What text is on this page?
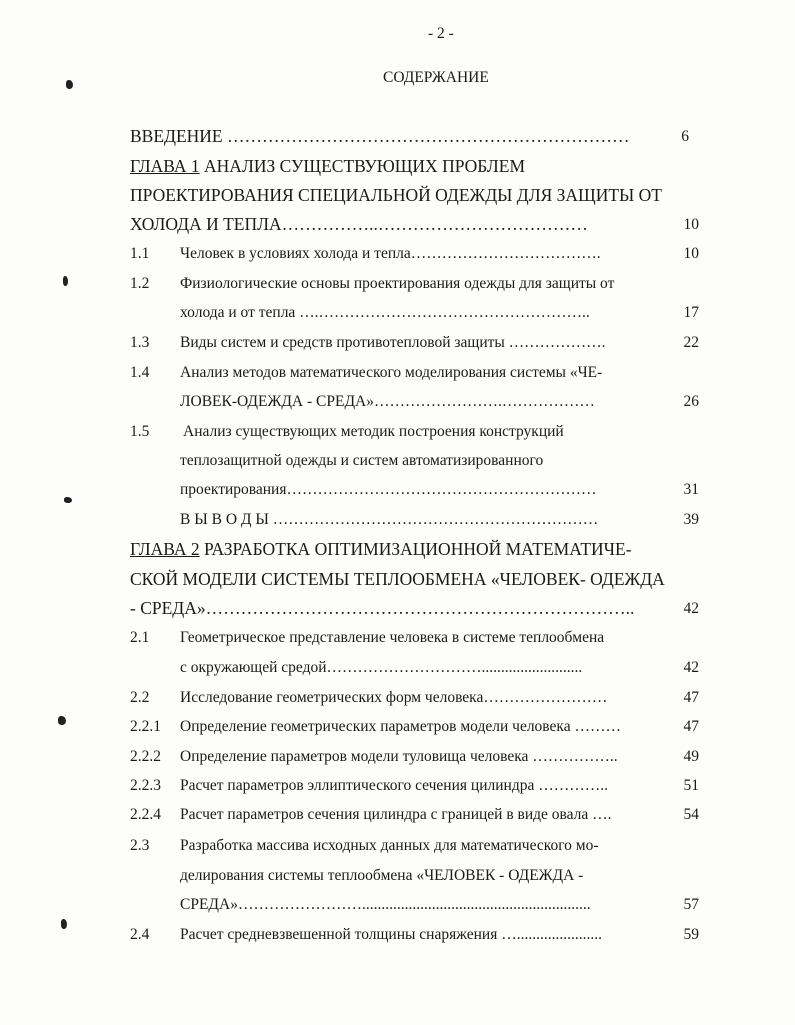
- 2 -
СОДЕРЖАНИЕ
ВВЕДЕНИЕ ……………………………………………………………	6
ГЛАВА 1 АНАЛИЗ СУЩЕСТВУЮЩИХ ПРОБЛЕМ
ПРОЕКТИРОВАНИЯ СПЕЦИАЛЬНОЙ ОДЕЖДЫ ДЛЯ ЗАЩИТЫ ОТ
ХОЛОДА И ТЕПЛА……………..………………………………	10
1.1 Человек в условиях холода и тепла……………………………….	10
1.2 Физиологические основы проектирования одежды для защиты от
холода и от тепла ….……………………………………………..	17
1.3 Виды систем и средств противотепловой защиты ……………….	22
1.4 Анализ методов математического моделирования системы «ЧЕ-
ЛОВЕК-ОДЕЖДА - СРЕДА»…………………….………………	26
1.5 Анализ существующих методик построения конструкций
теплозащитной одежды и систем автоматизированного
проектирования……………………………………………………	31
В Ы В О Д Ы ………………………………………………………	39
ГЛАВА 2 РАЗРАБОТКА ОПТИМИЗАЦИОННОЙ МАТЕМАТИЧЕ-
СКОЙ МОДЕЛИ СИСТЕМЫ ТЕПЛООБМЕНА «ЧЕЛОВЕК- ОДЕЖДА
- СРЕДА»………………………………………………………………..	42
2.1 Геометрическое представление человека в системе теплообмена
с окружающей средой…………………………..........................	42
2.2 Исследование геометрических форм человека……………………	47
2.2.1 Определение геометрических параметров модели человека ………	47
2.2.2 Определение параметров модели туловища человека ……………..	49
2.2.3 Расчет параметров эллиптического сечения цилиндра …………..	51
2.2.4 Расчет параметров сечения цилиндра с границей в виде овала ….	54
2.3 Разработка массива исходных данных для математического мо-
делирования системы теплообмена «ЧЕЛОВЕК - ОДЕЖДА -
СРЕДА»……………………...........................................................	57
2.4 Расчет средневзвешенной толщины снаряжения …......................	59
